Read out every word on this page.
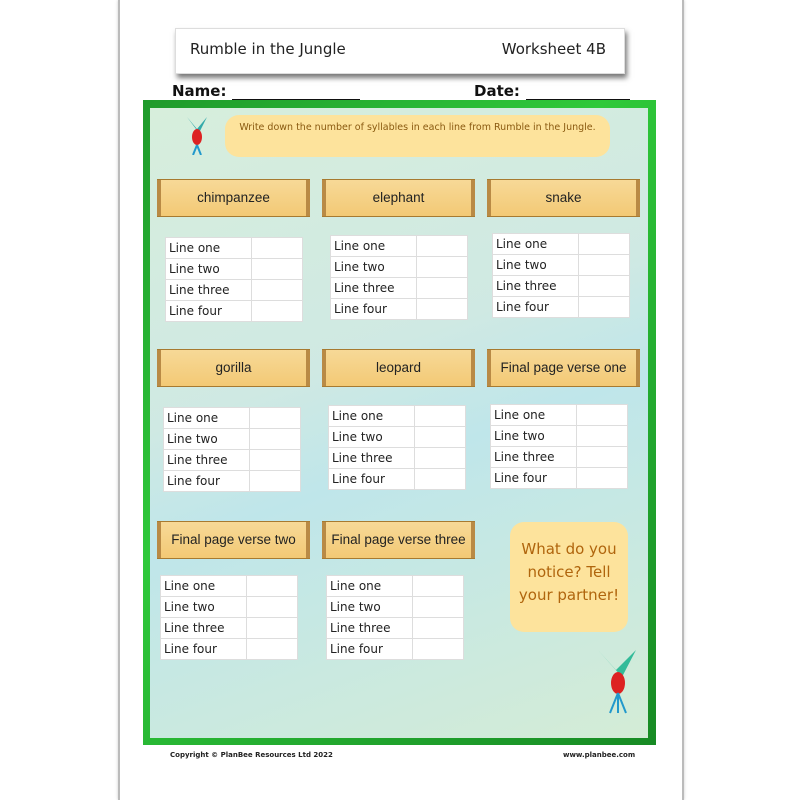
Rumble in the Jungle	Worksheet 4B
Name:	Date:
Write down the number of syllables in each line from Rumble in the Jungle.
chimpanzee
Line one	
Line two	
Line three	
Line four	
elephant
Line one	
Line two	
Line three	
Line four	
snake
Line one	
Line two	
Line three	
Line four	
gorilla
Line one	
Line two	
Line three	
Line four	
leopard
Line one	
Line two	
Line three	
Line four	
Final page verse one
Line one	
Line two	
Line three	
Line four	
Final page verse two
Line one	
Line two	
Line three	
Line four	
Final page verse three
Line one	
Line two	
Line three	
Line four	
What do you notice? Tell your partner!
Copyright © PlanBee Resources Ltd 2022	www.planbee.com
